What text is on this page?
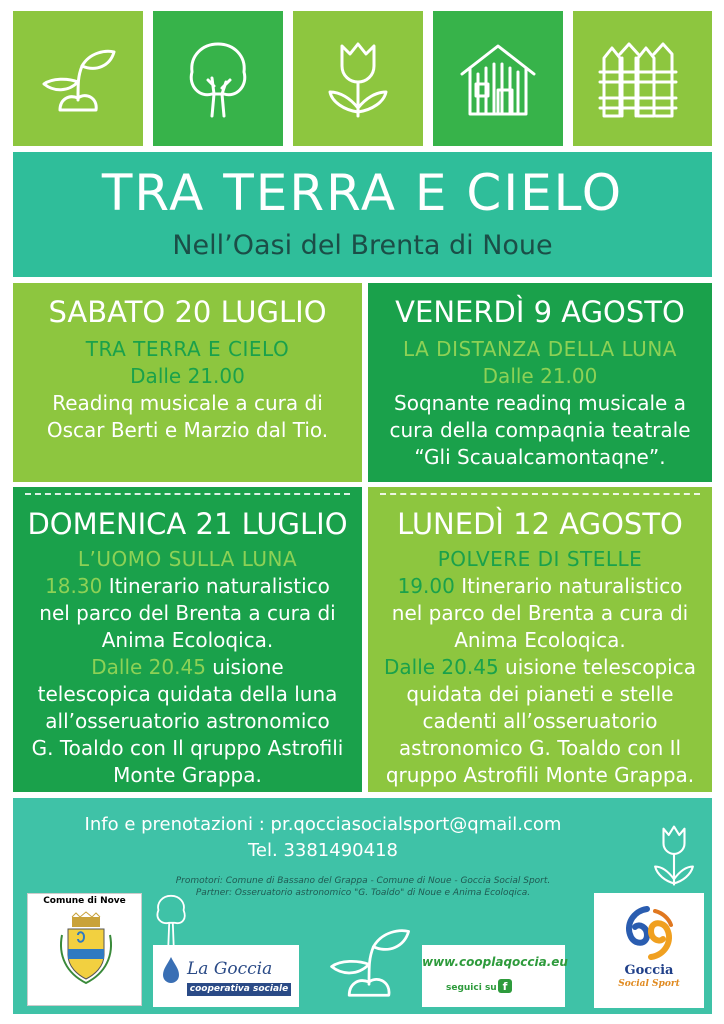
TRA TERRA E CIELO
Nell’Oasi del Brenta di Noue
SABATO 20 LUGLIO
TRA TERRA E CIELO
Dalle 21.00
Readinq musicale a cura di
Oscar Berti e Marzio dal Tio.
VENERDÌ 9 AGOSTO
LA DISTANZA DELLA LUNA
Dalle 21.00
Soqnante readinq musicale a
cura della compaqnia teatrale
“Gli Scaualcamontaqne”.
DOMENICA 21 LUGLIO
L’UOMO SULLA LUNA
18.30 Itinerario naturalistico
nel parco del Brenta a cura di
Anima Ecoloqica.
Dalle 20.45 uisione
telescopica quidata della luna
all’osseruatorio astronomico
G. Toaldo con Il qruppo Astrofili
Monte Grappa.
LUNEDÌ 12 AGOSTO
POLVERE DI STELLE
19.00 Itinerario naturalistico
nel parco del Brenta a cura di
Anima Ecoloqica.
Dalle 20.45 uisione telescopica
quidata dei pianeti e stelle
cadenti all’osseruatorio
astronomico G. Toaldo con Il
qruppo Astrofili Monte Grappa.
Info e prenotazioni : pr.qocciasocialsport@qmail.com
Tel. 3381490418
Promotori: Comune di Bassano del Grappa - Comune di Noue - Goccia Social Sport.
Partner: Osseruatorio astronomico "G. Toaldo" di Noue e Anima Ecoloqica.
Comune di Nove
La Goccia
cooperativa sociale
www.cooplaqoccia.eu
seguici su f
Goccia
Social Sport
